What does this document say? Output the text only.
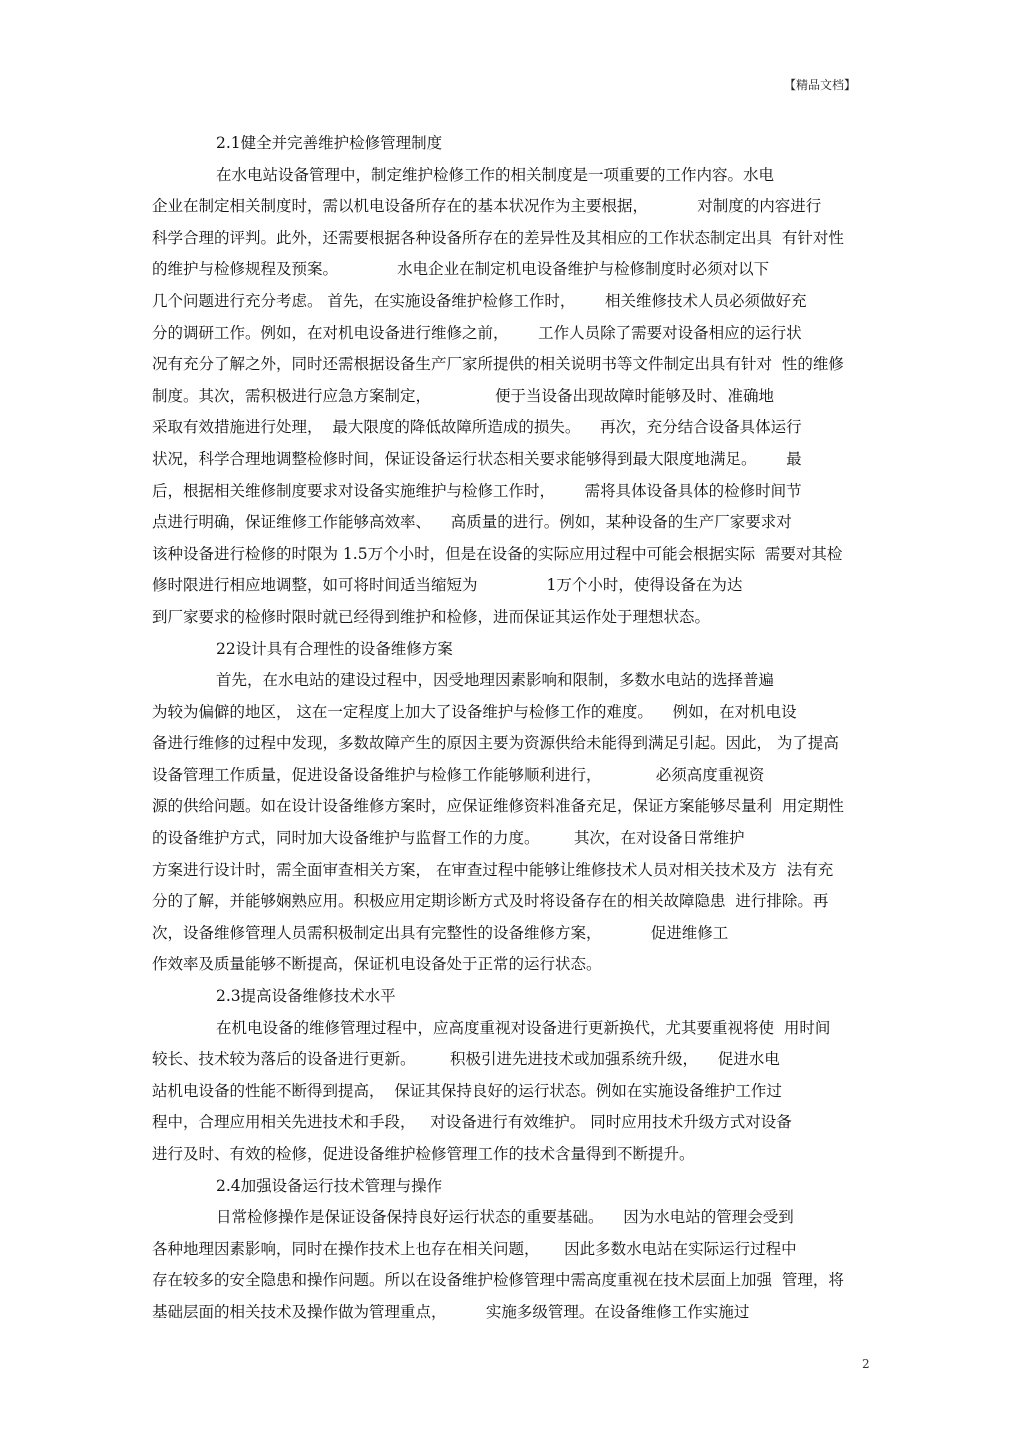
【精品文档】
2.1健全并完善维护检修管理制度
在水电站设备管理中，制定维护检修工作的相关制度是一项重要的工作内容。水电
企业在制定相关制度时，需以机电设备所存在的基本状况作为主要根据，          对制度的内容进行
科学合理的评判。此外，还需要根据各种设备所存在的差异性及其相应的工作状态制定出具  有针对性
的维护与检修规程及预案。            水电企业在制定机电设备维护与检修制度时必须对以下
几个问题进行充分考虑。 首先，在实施设备维护检修工作时，      相关维修技术人员必须做好充
分的调研工作。例如，在对机电设备进行维修之前，      工作人员除了需要对设备相应的运行状
况有充分了解之外，同时还需根据设备生产厂家所提供的相关说明书等文件制定出具有针对  性的维修
制度。其次，需积极进行应急方案制定，             便于当设备出现故障时能够及时、准确地
采取有效措施进行处理，  最大限度的降低故障所造成的损失。    再次，充分结合设备具体运行
状况，科学合理地调整检修时间，保证设备运行状态相关要求能够得到最大限度地满足。      最
后，根据相关维修制度要求对设备实施维护与检修工作时，      需将具体设备具体的检修时间节
点进行明确，保证维修工作能够高效率、    高质量的进行。例如，某种设备的生产厂家要求对
该种设备进行检修的时限为 1.5万个小时，但是在设备的实际应用过程中可能会根据实际  需要对其检
修时限进行相应地调整，如可将时间适当缩短为              1万个小时，使得设备在为达
到厂家要求的检修时限时就已经得到维护和检修，进而保证其运作处于理想状态。
22设计具有合理性的设备维修方案
首先，在水电站的建设过程中，因受地理因素影响和限制，多数水电站的选择普遍
为较为偏僻的地区， 这在一定程度上加大了设备维护与检修工作的难度。    例如，在对机电设
备进行维修的过程中发现，多数故障产生的原因主要为资源供给未能得到满足引起。因此， 为了提高
设备管理工作质量，促进设备设备维护与检修工作能够顺利进行，           必须高度重视资
源的供给问题。如在设计设备维修方案时，应保证维修资料准备充足，保证方案能够尽量利  用定期性
的设备维护方式，同时加大设备维护与监督工作的力度。       其次，在对设备日常维护
方案进行设计时，需全面审查相关方案， 在审查过程中能够让维修技术人员对相关技术及方  法有充
分的了解，并能够娴熟应用。积极应用定期诊断方式及时将设备存在的相关故障隐患  进行排除。再
次，设备维修管理人员需积极制定出具有完整性的设备维修方案，          促进维修工
作效率及质量能够不断提高，保证机电设备处于正常的运行状态。
2.3提高设备维修技术水平
在机电设备的维修管理过程中，应高度重视对设备进行更新换代，尤其要重视将使  用时间
较长、技术较为落后的设备进行更新。       积极引进先进技术或加强系统升级，    促进水电
站机电设备的性能不断得到提高，  保证其保持良好的运行状态。例如在实施设备维护工作过
程中，合理应用相关先进技术和手段，   对设备进行有效维护。 同时应用技术升级方式对设备
进行及时、有效的检修，促进设备维护检修管理工作的技术含量得到不断提升。
2.4加强设备运行技术管理与操作
日常检修操作是保证设备保持良好运行状态的重要基础。    因为水电站的管理会受到
各种地理因素影响，同时在操作技术上也存在相关问题，     因此多数水电站在实际运行过程中
存在较多的安全隐患和操作问题。所以在设备维护检修管理中需高度重视在技术层面上加强  管理，将
基础层面的相关技术及操作做为管理重点，        实施多级管理。在设备维修工作实施过
2
